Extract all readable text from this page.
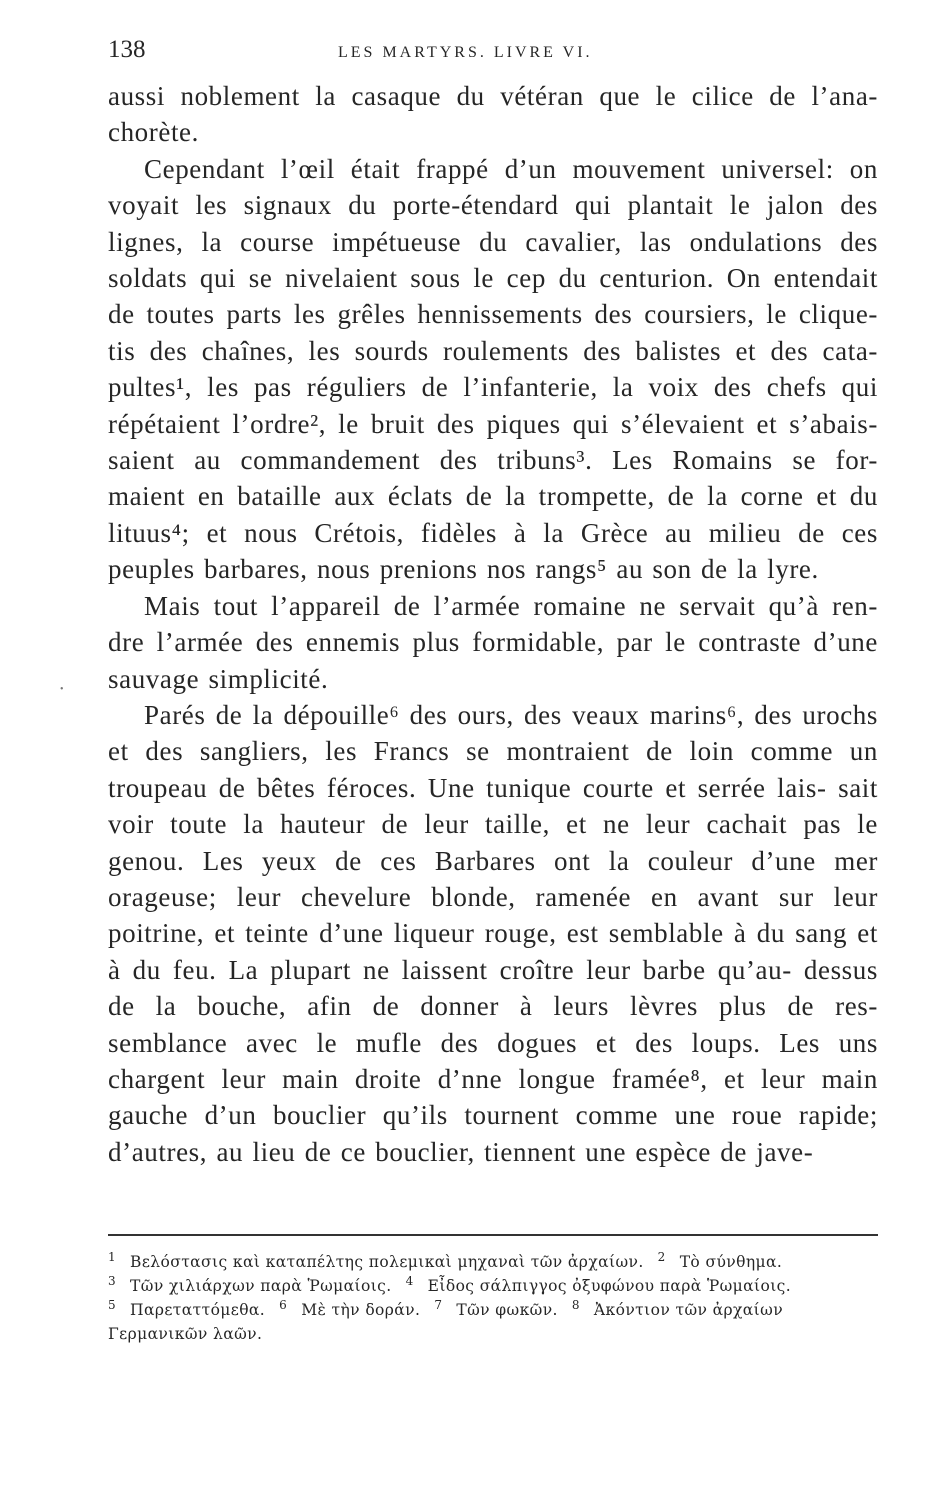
138	LES MARTYRS. LIVRE VI.

aussi noblement la casaque du vétéran que le cilice de l’ana- chorète.

Cependant l’œil était frappé d’un mouvement universel: on voyait les signaux du porte-étendard qui plantait le jalon des lignes, la course impétueuse du cavalier, las ondulations des soldats qui se nivelaient sous le cep du centurion. On entendait de toutes parts les grêles hennissements des coursiers, le clique- tis des chaînes, les sourds roulements des balistes et des cata- pultes¹, les pas réguliers de l’infanterie, la voix des chefs qui répétaient l’ordre², le bruit des piques qui s’élevaient et s’abais- saient au commandement des tribuns³. Les Romains se for- maient en bataille aux éclats de la trompette, de la corne et du lituus⁴; et nous Crétois, fidèles à la Grèce au milieu de ces peuples barbares, nous prenions nos rangs⁵ au son de la lyre.

Mais tout l’appareil de l’armée romaine ne servait qu’à ren- dre l’armée des ennemis plus formidable, par le contraste d’une sauvage simplicité.

Parés de la dépouille⁶ des ours, des veaux marins⁶, des urochs et des sangliers, les Francs se montraient de loin comme un troupeau de bêtes féroces. Une tunique courte et serrée lais- sait voir toute la hauteur de leur taille, et ne leur cachait pas le genou. Les yeux de ces Barbares ont la couleur d’une mer orageuse; leur chevelure blonde, ramenée en avant sur leur poitrine, et teinte d’une liqueur rouge, est semblable à du sang et à du feu. La plupart ne laissent croître leur barbe qu’au- dessus de la bouche, afin de donner à leurs lèvres plus de res- semblance avec le mufle des dogues et des loups. Les uns chargent leur main droite d’nne longue framée⁸, et leur main gauche d’un bouclier qu’ils tournent comme une roue rapide; d’autres, au lieu de ce bouclier, tiennent une espèce de jave-

$^1$ Βελόστασις καὶ καταπέλτης πολεμικαὶ μηχαναὶ τῶν ἀρχαίων. $^2$ Τὸ σύνθημα.
$^3$ Τῶν χιλιάρχων παρὰ Ῥωμαίοις. $^4$ Εἶδος σάλπιγγος ὀξυφώνου παρὰ Ῥωμαίοις.
$^5$ Παρεταττόμεθα. $^6$ Μὲ τὴν δοράν. $^7$ Τῶν φωκῶν. $^8$ Ἀκόντιον τῶν ἀρχαίων
Γερμανικῶν λαῶν.
•
